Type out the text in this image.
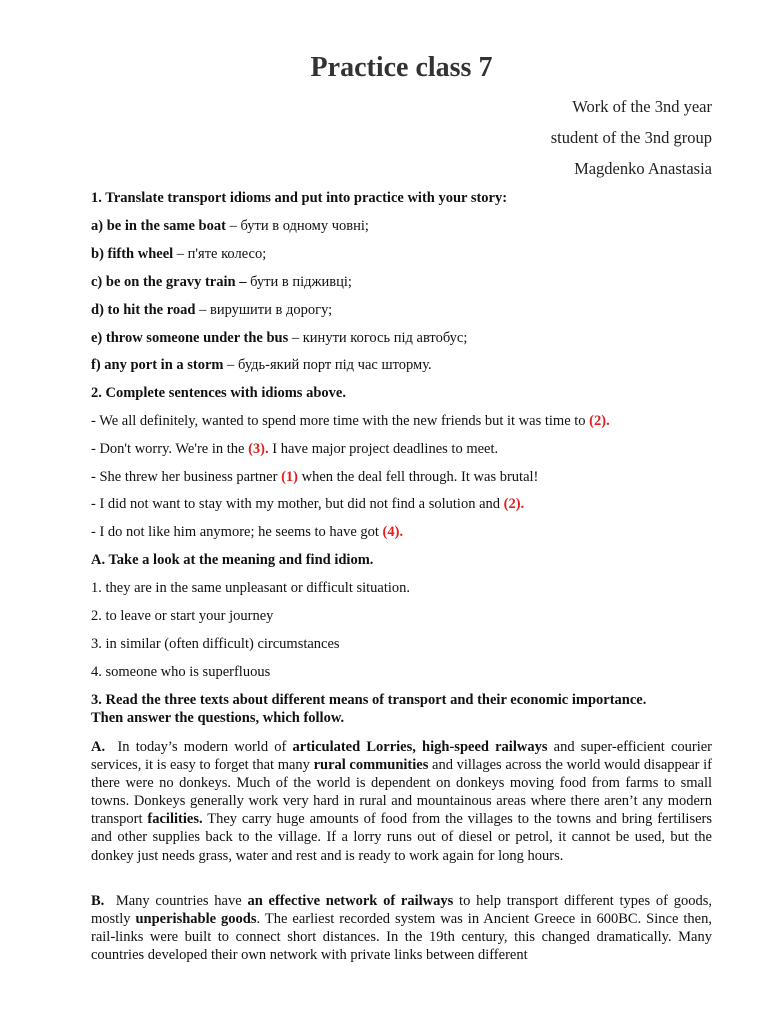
Practice class 7
Work of the 3nd year
student of the 3nd group
Magdenko Anastasia
1. Translate transport idioms and put into practice with your story:
a) be in the same boat – бути в одному човні;
b) fifth wheel – п'яте колесо;
c) be on the gravy train – бути в підживці;
d) to hit the road – вирушити в дорогу;
e) throw someone under the bus – кинути когось під автобус;
f) any port in a storm – будь-який порт під час шторму.
2. Complete sentences with idioms above.
- We all definitely, wanted to spend more time with the new friends but it was time to (2).
- Don't worry. We're in the (3). I have major project deadlines to meet.
- She threw her business partner (1) when the deal fell through. It was brutal!
- I did not want to stay with my mother, but did not find a solution and (2).
- I do not like him anymore; he seems to have got (4).
A. Take a look at the meaning and find idiom.
1. they are in the same unpleasant or difficult situation.
2. to leave or start your journey
3. in similar (often difficult) circumstances
4. someone who is superfluous
3. Read the three texts about different means of transport and their economic importance.
Then answer the questions, which follow.

A.  In today’s modern world of articulated Lorries, high-speed railways and super-efficient courier services, it is easy to forget that many rural communities and villages across the world would disappear if there were no donkeys. Much of the world is dependent on donkeys moving food from farms to small towns. Donkeys generally work very hard in rural and mountainous areas where there aren’t any modern transport facilities. They carry huge amounts of food from the villages to the towns and bring fertilisers and other supplies back to the village. If a lorry runs out of diesel or petrol, it cannot be used, but the donkey just needs grass, water and rest and is ready to work again for long hours.

B.  Many countries have an effective network of railways to help transport different types of goods, mostly unperishable goods. The earliest recorded system was in Ancient Greece in 600BC. Since then, rail-links were built to connect short distances. In the 19th century, this changed dramatically. Many countries developed their own network with private links between different
